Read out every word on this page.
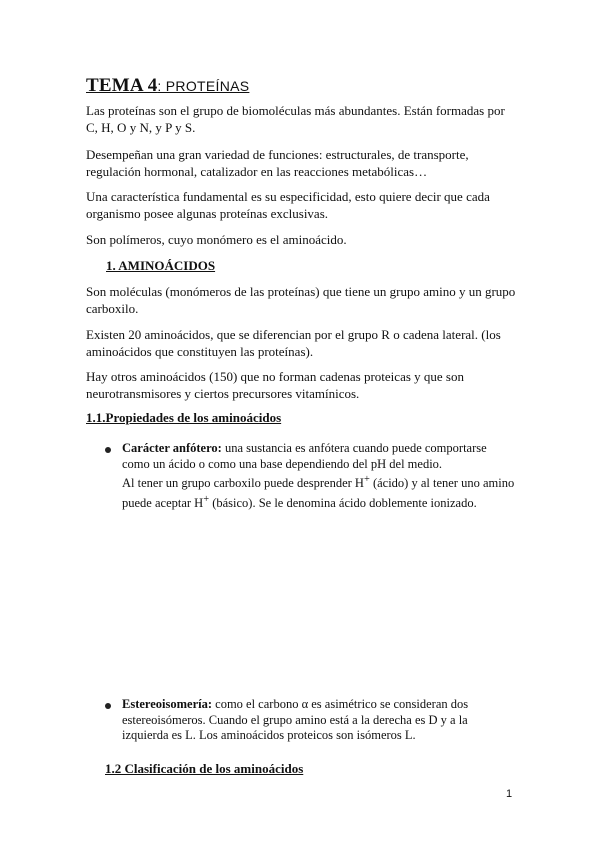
TEMA 4: PROTEÍNAS

Las proteínas son el grupo de biomoléculas más abundantes. Están formadas por C, H, O y N, y P y S.

Desempeñan una gran variedad de funciones: estructurales, de transporte, regulación hormonal, catalizador en las reacciones metabólicas…

Una característica fundamental es su especificidad, esto quiere decir que cada organismo posee algunas proteínas exclusivas.

Son polímeros, cuyo monómero es el aminoácido.

1. AMINOÁCIDOS

Son moléculas (monómeros de las proteínas) que tiene un grupo amino y un grupo carboxilo.

Existen 20 aminoácidos, que se diferencian por el grupo R o cadena lateral. (los aminoácidos que constituyen las proteínas).

Hay otros aminoácidos (150) que no forman cadenas proteicas y que son neurotransmisores y ciertos precursores vitamínicos.

1.1.Propiedades de los aminoácidos
Carácter anfótero: una sustancia es anfótera cuando puede comportarse como un ácido o como una base dependiendo del pH del medio.
Al tener un grupo carboxilo puede desprender H+ (ácido) y al tener uno amino puede aceptar H+ (básico). Se le denomina ácido doblemente ionizado.
Estereoisomería: como el carbono α es asimétrico se consideran dos estereoisómeros. Cuando el grupo amino está a la derecha es D y a la izquierda es L. Los aminoácidos proteicos son isómeros L.
1.2 Clasificación de los aminoácidos
1
